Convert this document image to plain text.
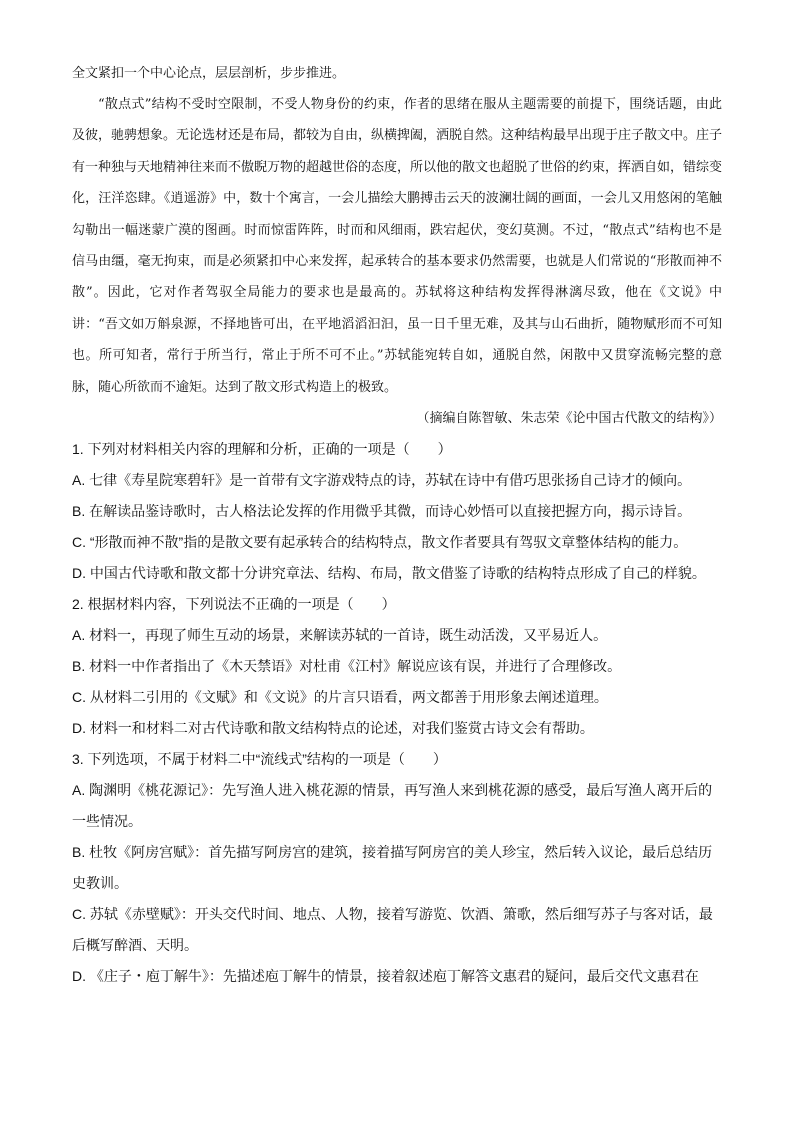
全文紧扣一个中心论点，层层剖析，步步推进。

“散点式”结构不受时空限制，不受人物身份的约束，作者的思绪在服从主题需要的前提下，围绕话题，由此及彼，驰骋想象。无论选材还是布局，都较为自由，纵横捭阖，洒脱自然。这种结构最早出现于庄子散文中。庄子有一种独与天地精神往来而不傲睨万物的超越世俗的态度，所以他的散文也超脱了世俗的约束，挥洒自如，错综变化，汪洋恣肆。《逍遥游》中，数十个寓言，一会儿描绘大鹏搏击云天的波澜壮阔的画面，一会儿又用悠闲的笔触勾勒出一幅迷蒙广漠的图画。时而惊雷阵阵，时而和风细雨，跌宕起伏，变幻莫测。不过，“散点式”结构也不是信马由缰，毫无拘束，而是必须紧扣中心来发挥，起承转合的基本要求仍然需要，也就是人们常说的“形散而神不散”。因此，它对作者驾驭全局能力的要求也是最高的。苏轼将这种结构发挥得淋漓尽致，他在《文说》中讲：“吾文如万斛泉源，不择地皆可出，在平地滔滔汩汩，虽一日千里无难，及其与山石曲折，随物赋形而不可知也。所可知者，常行于所当行，常止于所不可不止。”苏轼能宛转自如，通脱自然，闲散中又贯穿流畅完整的意脉，随心所欲而不逾矩。达到了散文形式构造上的极致。

（摘编自陈智敏、朱志荣《论中国古代散文的结构》）

1. 下列对材料相关内容的理解和分析，正确的一项是（　　）

A. 七律《寿星院寒碧轩》是一首带有文字游戏特点的诗，苏轼在诗中有借巧思张扬自己诗才的倾向。

B. 在解读品鉴诗歌时，古人格法论发挥的作用微乎其微，而诗心妙悟可以直接把握方向，揭示诗旨。

C. “形散而神不散”指的是散文要有起承转合的结构特点，散文作者要具有驾驭文章整体结构的能力。

D. 中国古代诗歌和散文都十分讲究章法、结构、布局，散文借鉴了诗歌的结构特点形成了自己的样貌。

2. 根据材料内容，下列说法不正确的一项是（　　）

A. 材料一，再现了师生互动的场景，来解读苏轼的一首诗，既生动活泼，又平易近人。

B. 材料一中作者指出了《木天禁语》对杜甫《江村》解说应该有误，并进行了合理修改。

C. 从材料二引用的《文赋》和《文说》的片言只语看，两文都善于用形象去阐述道理。

D. 材料一和材料二对古代诗歌和散文结构特点的论述，对我们鉴赏古诗文会有帮助。

3. 下列选项，不属于材料二中“流线式”结构的一项是（　　）

A. 陶渊明《桃花源记》：先写渔人进入桃花源的情景，再写渔人来到桃花源的感受，最后写渔人离开后的一些情况。

B. 杜牧《阿房宫赋》：首先描写阿房宫的建筑，接着描写阿房宫的美人珍宝，然后转入议论，最后总结历史教训。

C. 苏轼《赤壁赋》：开头交代时间、地点、人物，接着写游览、饮酒、箫歌，然后细写苏子与客对话，最后概写醉酒、天明。

D. 《庄子・庖丁解牛》：先描述庖丁解牛的情景，接着叙述庖丁解答文惠君的疑问，最后交代文惠君在
